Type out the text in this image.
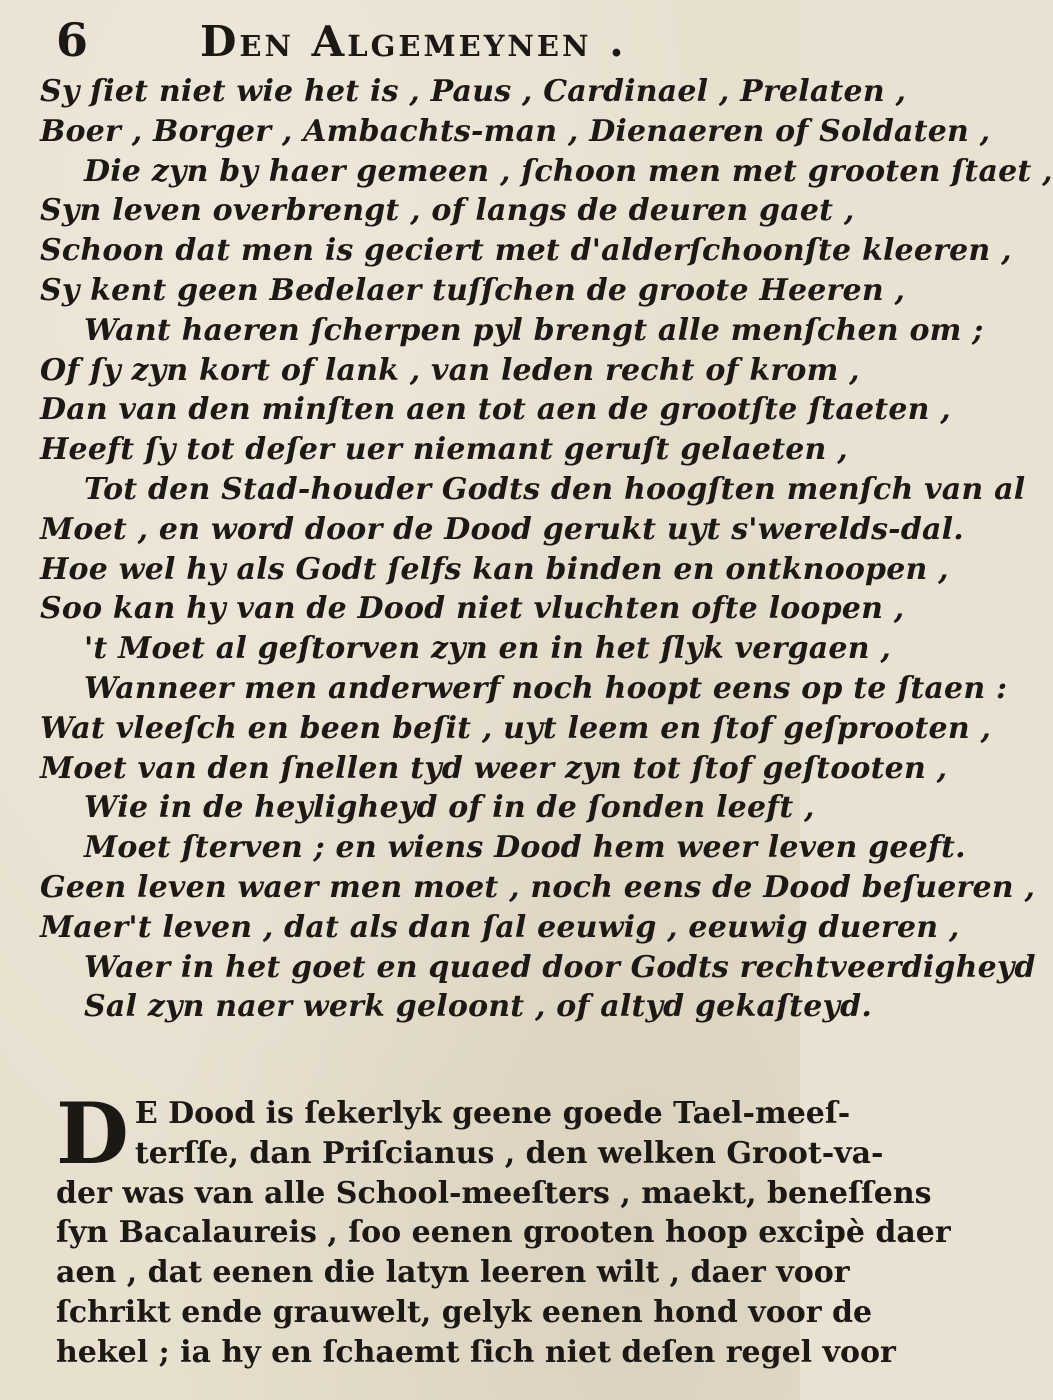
6	Den Algemeynen .
Sy ſiet niet wie het is , Paus , Cardinael , Prelaten ,
Boer , Borger , Ambachts-man , Dienaeren of Soldaten ,
Die zyn by haer gemeen , ſchoon men met grooten ſtaet ,
Syn leven overbrengt , of langs de deuren gaet ,
Schoon dat men is geciert met d'alderſchoonſte kleeren ,
Sy kent geen Bedelaer tuſſchen de groote Heeren ,
Want haeren ſcherpen pyl brengt alle menſchen om ;
Of ſy zyn kort of lank , van leden recht of krom ,
Dan van den minſten aen tot aen de grootſte ſtaeten ,
Heeft ſy tot deſer uer niemant geruſt gelaeten ,
Tot den Stad-houder Godts den hoogſten menſch van al
Moet , en word door de Dood gerukt uyt s'werelds-dal.
Hoe wel hy als Godt ſelfs kan binden en ontknoopen ,
Soo kan hy van de Dood niet vluchten ofte loopen ,
't Moet al geſtorven zyn en in het ſlyk vergaen ,
Wanneer men anderwerf noch hoopt eens op te ſtaen :
Wat vleeſch en been beſit , uyt leem en ſtof geſprooten ,
Moet van den ſnellen tyd weer zyn tot ſtof geſtooten ,
Wie in de heyligheyd of in de ſonden leeft ,
Moet ſterven ; en wiens Dood hem weer leven geeft.
Geen leven waer men moet , noch eens de Dood beſueren ,
Maer't leven , dat als dan ſal eeuwig , eeuwig dueren ,
Waer in het goet en quaed door Godts rechtveerdigheyd
Sal zyn naer werk geloont , of altyd gekaſteyd.
D E Dood is ſekerlyk geene goede Tael-meeſ-
terſſe, dan Priſcianus , den welken Groot-va-
der was van alle School-meeſters , maekt, beneſſens
ſyn Bacalaureis , ſoo eenen grooten hoop excipè daer
aen , dat eenen die latyn leeren wilt , daer voor
ſchrikt ende grauwelt, gelyk eenen hond voor de
hekel ; ia hy en ſchaemt ſich niet deſen regel voor
